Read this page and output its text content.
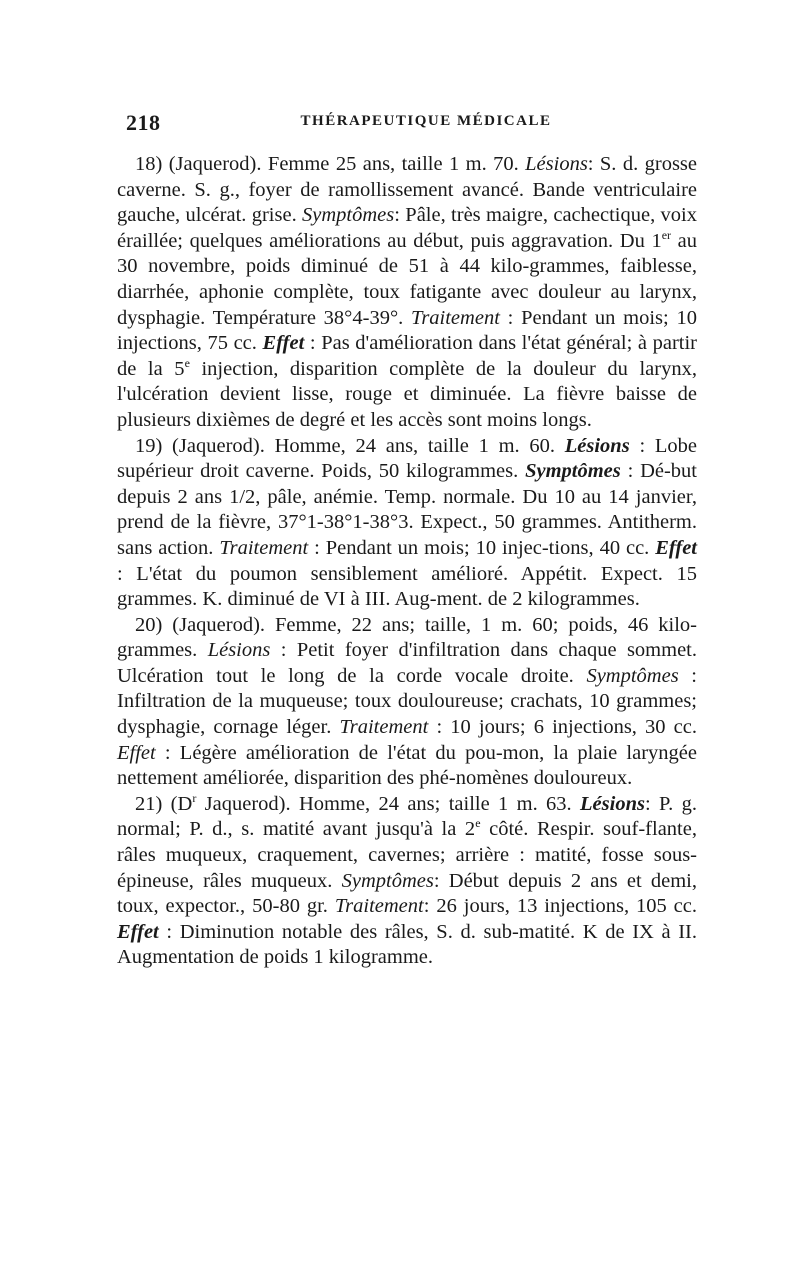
218	THÉRAPEUTIQUE MÉDICALE

18) (Jaquerod). Femme 25 ans, taille 1 m. 70. Lésions: S. d. grosse caverne. S. g., foyer de ramollissement avancé. Bande ventriculaire gauche, ulcérat. grise. Symptômes: Pâle, très maigre, cachectique, voix éraillée; quelques améliorations au début, puis aggravation. Du 1er au 30 novembre, poids diminué de 51 à 44 kilo-grammes, faiblesse, diarrhée, aphonie complète, toux fatigante avec douleur au larynx, dysphagie. Température 38°4-39°. Traitement : Pendant un mois; 10 injections, 75 cc. Effet : Pas d'amélioration dans l'état général; à partir de la 5e injection, disparition complète de la douleur du larynx, l'ulcération devient lisse, rouge et diminuée. La fièvre baisse de plusieurs dixièmes de degré et les accès sont moins longs.

19) (Jaquerod). Homme, 24 ans, taille 1 m. 60. Lésions : Lobe supérieur droit caverne. Poids, 50 kilogrammes. Symptômes : Dé-but depuis 2 ans 1/2, pâle, anémie. Temp. normale. Du 10 au 14 janvier, prend de la fièvre, 37°1-38°1-38°3. Expect., 50 grammes. Antitherm. sans action. Traitement : Pendant un mois; 10 injec-tions, 40 cc. Effet : L'état du poumon sensiblement amélioré. Appétit. Expect. 15 grammes. K. diminué de VI à III. Aug-ment. de 2 kilogrammes.

20) (Jaquerod). Femme, 22 ans; taille, 1 m. 60; poids, 46 kilo-grammes. Lésions : Petit foyer d'infiltration dans chaque sommet. Ulcération tout le long de la corde vocale droite. Symptômes : Infiltration de la muqueuse; toux douloureuse; crachats, 10 grammes; dysphagie, cornage léger. Traitement : 10 jours; 6 injections, 30 cc. Effet : Légère amélioration de l'état du pou-mon, la plaie laryngée nettement améliorée, disparition des phé-nomènes douloureux.

21) ($D^r$ Jaquerod). Homme, 24 ans; taille 1 m. 63. Lésions: P. g. normal; P. d., s. matité avant jusqu'à la 2e côté. Respir. souf-flante, râles muqueux, craquement, cavernes; arrière : matité, fosse sous-épineuse, râles muqueux. Symptômes: Début depuis 2 ans et demi, toux, expector., 50-80 gr. Traitement: 26 jours, 13 injections, 105 cc. Effet : Diminution notable des râles, S. d. sub-matité. K de IX à II. Augmentation de poids 1 kilogramme.
